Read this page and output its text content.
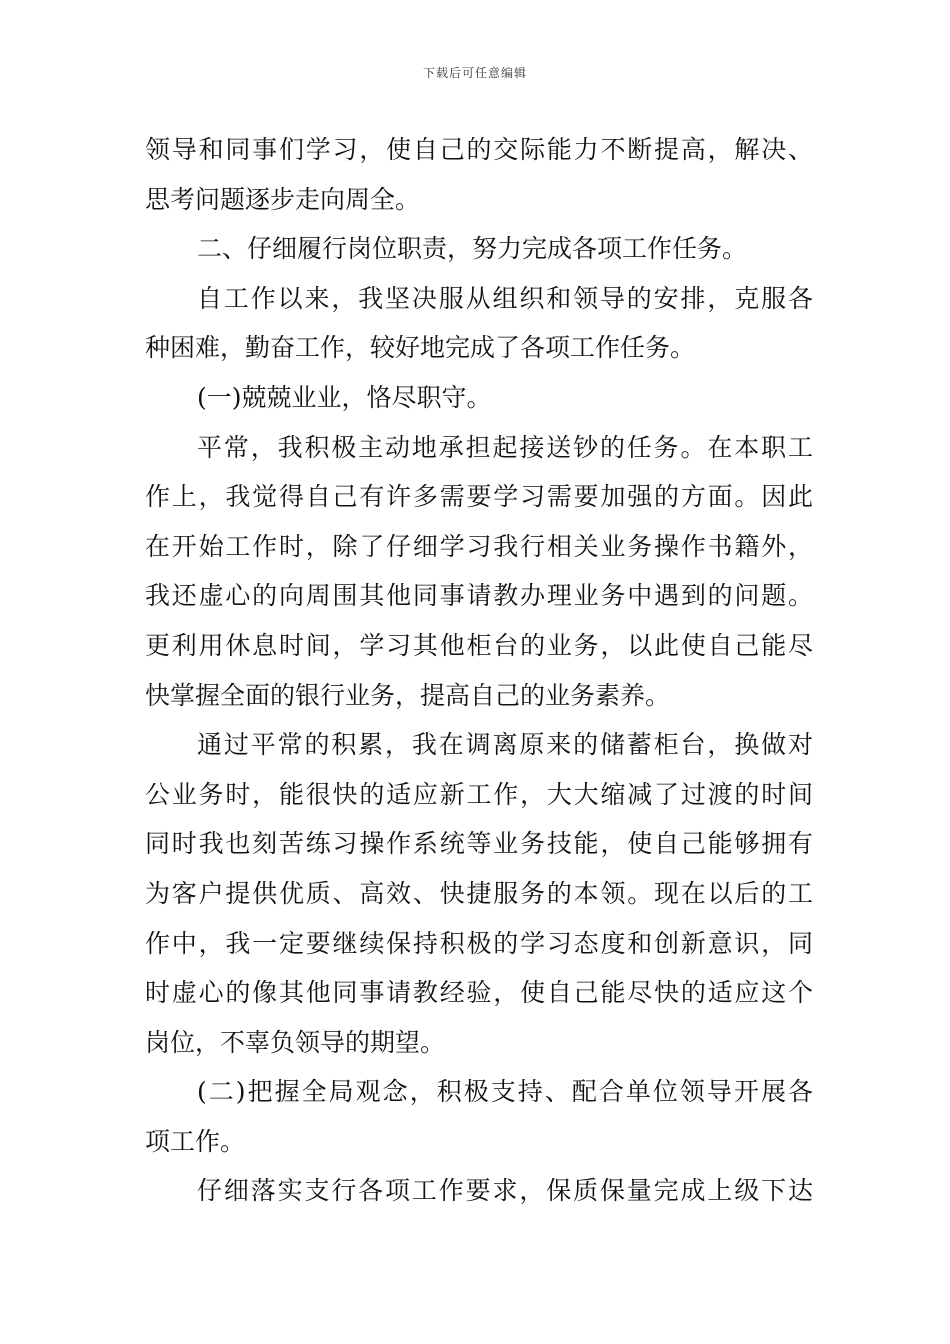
下载后可任意编辑
领导和同事们学习，使自己的交际能力不断提高，解决、
思考问题逐步走向周全。
二、仔细履行岗位职责，努力完成各项工作任务。
自工作以来，我坚决服从组织和领导的安排，克服各
种困难，勤奋工作，较好地完成了各项工作任务。
(一)兢兢业业，恪尽职守。
平常，我积极主动地承担起接送钞的任务。在本职工
作上，我觉得自己有许多需要学习需要加强的方面。因此
在开始工作时，除了仔细学习我行相关业务操作书籍外，
我还虚心的向周围其他同事请教办理业务中遇到的问题。
更利用休息时间，学习其他柜台的业务，以此使自己能尽
快掌握全面的银行业务，提高自己的业务素养。
通过平常的积累，我在调离原来的储蓄柜台，换做对
公业务时，能很快的适应新工作，大大缩减了过渡的时间
同时我也刻苦练习操作系统等业务技能，使自己能够拥有
为客户提供优质、高效、快捷服务的本领。现在以后的工
作中，我一定要继续保持积极的学习态度和创新意识，同
时虚心的像其他同事请教经验，使自己能尽快的适应这个
岗位，不辜负领导的期望。
(二)把握全局观念，积极支持、配合单位领导开展各
项工作。
仔细落实支行各项工作要求，保质保量完成上级下达
